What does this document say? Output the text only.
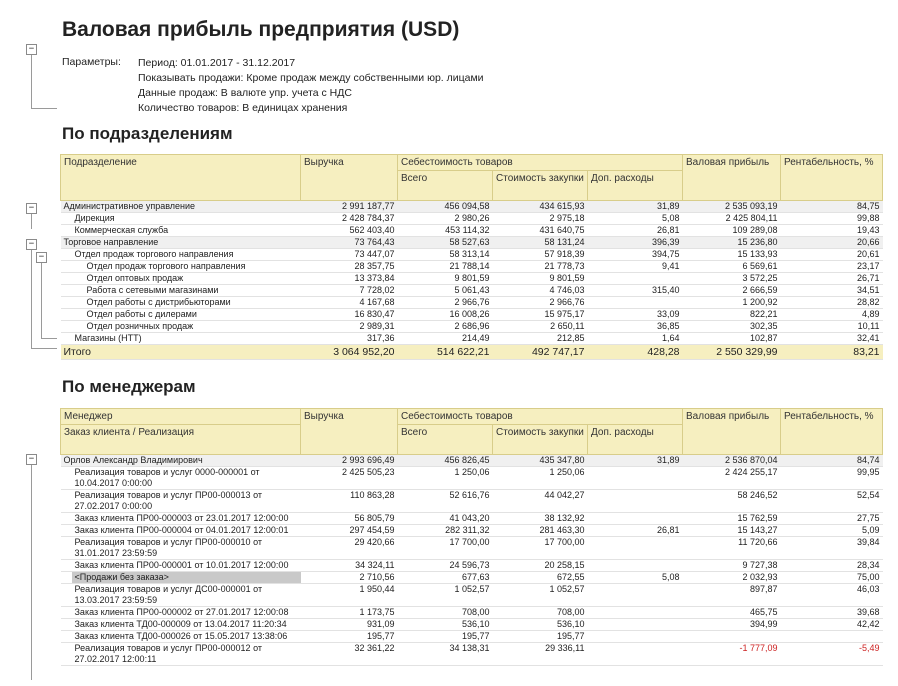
−
−
−
−
−
Валовая прибыль предприятия (USD)
Параметры: Период: 01.01.2017 - 31.12.2017
Показывать продажи: Кроме продаж между собственными юр. лицами
Данные продаж: В валюте упр. учета с НДС
Количество товаров: В единицах хранения
По подразделениям
Подразделение	Выручка	Себестоимость товаров			Валовая прибыль	Рентабельность, %
		Всего	Стоимость закупки	Доп. расходы		
Административное управление	2 991 187,77	456 094,58	434 615,93	31,89	2 535 093,19	84,75
Дирекция	2 428 784,37	2 980,26	2 975,18	5,08	2 425 804,11	99,88
Коммерческая служба	562 403,40	453 114,32	431 640,75	26,81	109 289,08	19,43
Торговое направление	73 764,43	58 527,63	58 131,24	396,39	15 236,80	20,66
Отдел продаж торгового направления	73 447,07	58 313,14	57 918,39	394,75	15 133,93	20,61
Отдел продаж торгового направления	28 357,75	21 788,14	21 778,73	9,41	6 569,61	23,17
Отдел оптовых продаж	13 373,84	9 801,59	9 801,59		3 572,25	26,71
Работа с сетевыми магазинами	7 728,02	5 061,43	4 746,03	315,40	2 666,59	34,51
Отдел работы с дистрибьюторами	4 167,68	2 966,76	2 966,76		1 200,92	28,82
Отдел работы с дилерами	16 830,47	16 008,26	15 975,17	33,09	822,21	4,89
Отдел розничных продаж	2 989,31	2 686,96	2 650,11	36,85	302,35	10,11
Магазины (НТТ)	317,36	214,49	212,85	1,64	102,87	32,41
Итого	3 064 952,20	514 622,21	492 747,17	428,28	2 550 329,99	83,21
По менеджерам
Менеджер	Выручка	Себестоимость товаров			Валовая прибыль	Рентабельность, %
Заказ клиента / Реализация		Всего	Стоимость закупки	Доп. расходы		
Орлов Александр Владимирович	2 993 696,49	456 826,45	435 347,80	31,89	2 536 870,04	84,74
Реализация товаров и услуг 0000-000001 от 10.04.2017 0:00:00	2 425 505,23	1 250,06	1 250,06		2 424 255,17	99,95
Реализация товаров и услуг ПР00-000013 от 27.02.2017 0:00:00	110 863,28	52 616,76	44 042,27		58 246,52	52,54
Заказ клиента ПР00-000003 от 23.01.2017 12:00:00	56 805,79	41 043,20	38 132,92		15 762,59	27,75
Заказ клиента ПР00-000004 от 04.01.2017 12:00:01	297 454,59	282 311,32	281 463,30	26,81	15 143,27	5,09
Реализация товаров и услуг ПР00-000010 от 31.01.2017 23:59:59	29 420,66	17 700,00	17 700,00		11 720,66	39,84
Заказ клиента ПР00-000001 от 10.01.2017 12:00:00	34 324,11	24 596,73	20 258,15		9 727,38	28,34

<Продажи без заказа>	2 710,56	677,63	672,55	5,08	2 032,93	75,00
Реализация товаров и услуг ДС00-000001 от 13.03.2017 23:59:59	1 950,44	1 052,57	1 052,57		897,87	46,03
Заказ клиента ПР00-000002 от 27.01.2017 12:00:08	1 173,75	708,00	708,00		465,75	39,68
Заказ клиента ТД00-000009 от 13.04.2017 11:20:34	931,09	536,10	536,10		394,99	42,42
Заказ клиента ТД00-000026 от 15.05.2017 13:38:06	195,77	195,77	195,77			
Реализация товаров и услуг ПР00-000012 от 27.02.2017 12:00:11	32 361,22	34 138,31	29 336,11		-1 777,09	-5,49
